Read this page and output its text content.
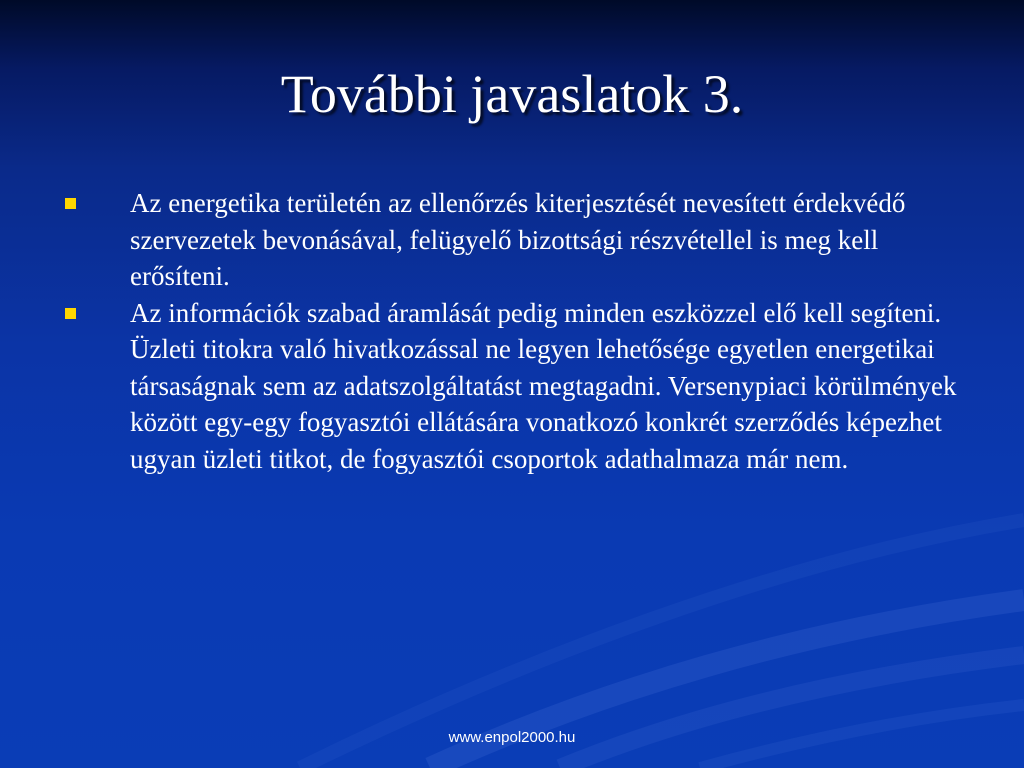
További javaslatok 3.
Az energetika területén az ellenőrzés kiterjesztését nevesített érdekvédő szervezetek bevonásával, felügyelő bizottsági részvétellel is meg kell erősíteni.
Az információk szabad áramlását pedig minden eszközzel elő kell segíteni. Üzleti titokra való hivatkozással ne legyen lehetősége egyetlen energetikai társaságnak sem az adatszolgáltatást megtagadni. Versenypiaci körülmények között egy-egy fogyasztói ellátására vonatkozó konkrét szerződés képezhet ugyan üzleti titkot, de fogyasztói csoportok adathalmaza már nem.
www.enpol2000.hu
